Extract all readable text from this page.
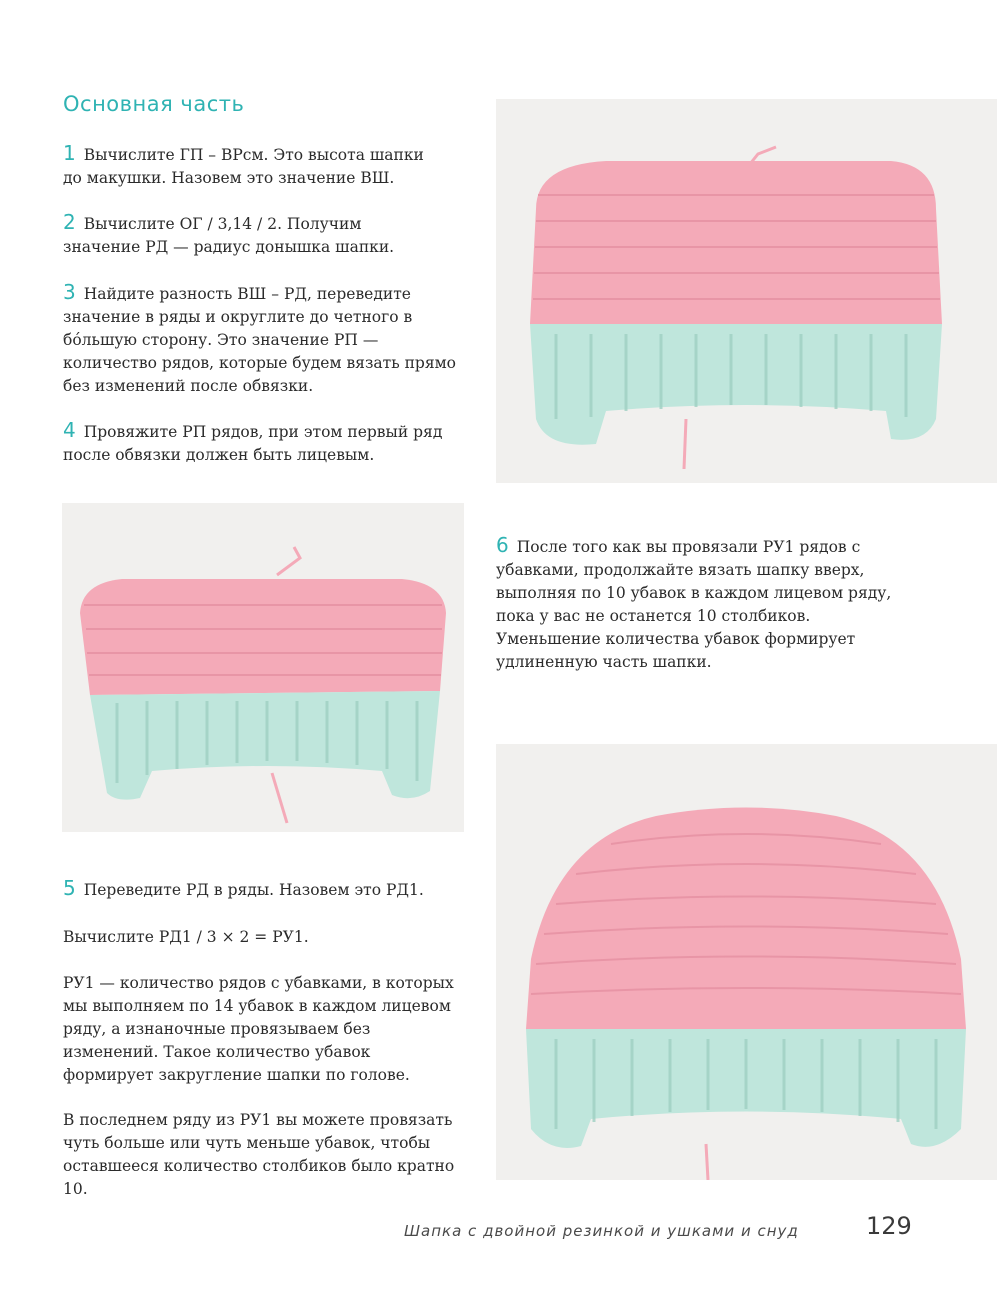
Основная часть

1 Вычислите ГП – ВРсм. Это высота шапки до макушки. Назовем это значение ВШ.

2 Вычислите ОГ / 3,14 / 2. Получим значение РД — радиус донышка шапки.

3 Найдите разность ВШ – РД, переведите значение в ряды и округлите до четного в бóльшую сторону. Это значение РП — количество рядов, которые будем вязать прямо без изменений после обвязки.

4 Провяжите РП рядов, при этом первый ряд после обвязки должен быть лицевым.

5 Переведите РД в ряды. Назовем это РД1.

Вычислите РД1 / 3 × 2 = РУ1.

РУ1 — количество рядов с убавками, в которых мы выполняем по 14 убавок в каждом лицевом ряду, а изнаночные провязываем без изменений. Такое количество убавок формирует закругление шапки по голове.

В последнем ряду из РУ1 вы можете провязать чуть больше или чуть меньше убавок, чтобы оставшееся количество столбиков было кратно 10.

6 После того как вы провязали РУ1 рядов с убавками, продолжайте вязать шапку вверх, выполняя по 10 убавок в каждом лицевом ряду, пока у вас не останется 10 столбиков. Уменьшение количества убавок формирует удлиненную часть шапки.

Шапка с двойной резинкой и ушками и снуд	129
